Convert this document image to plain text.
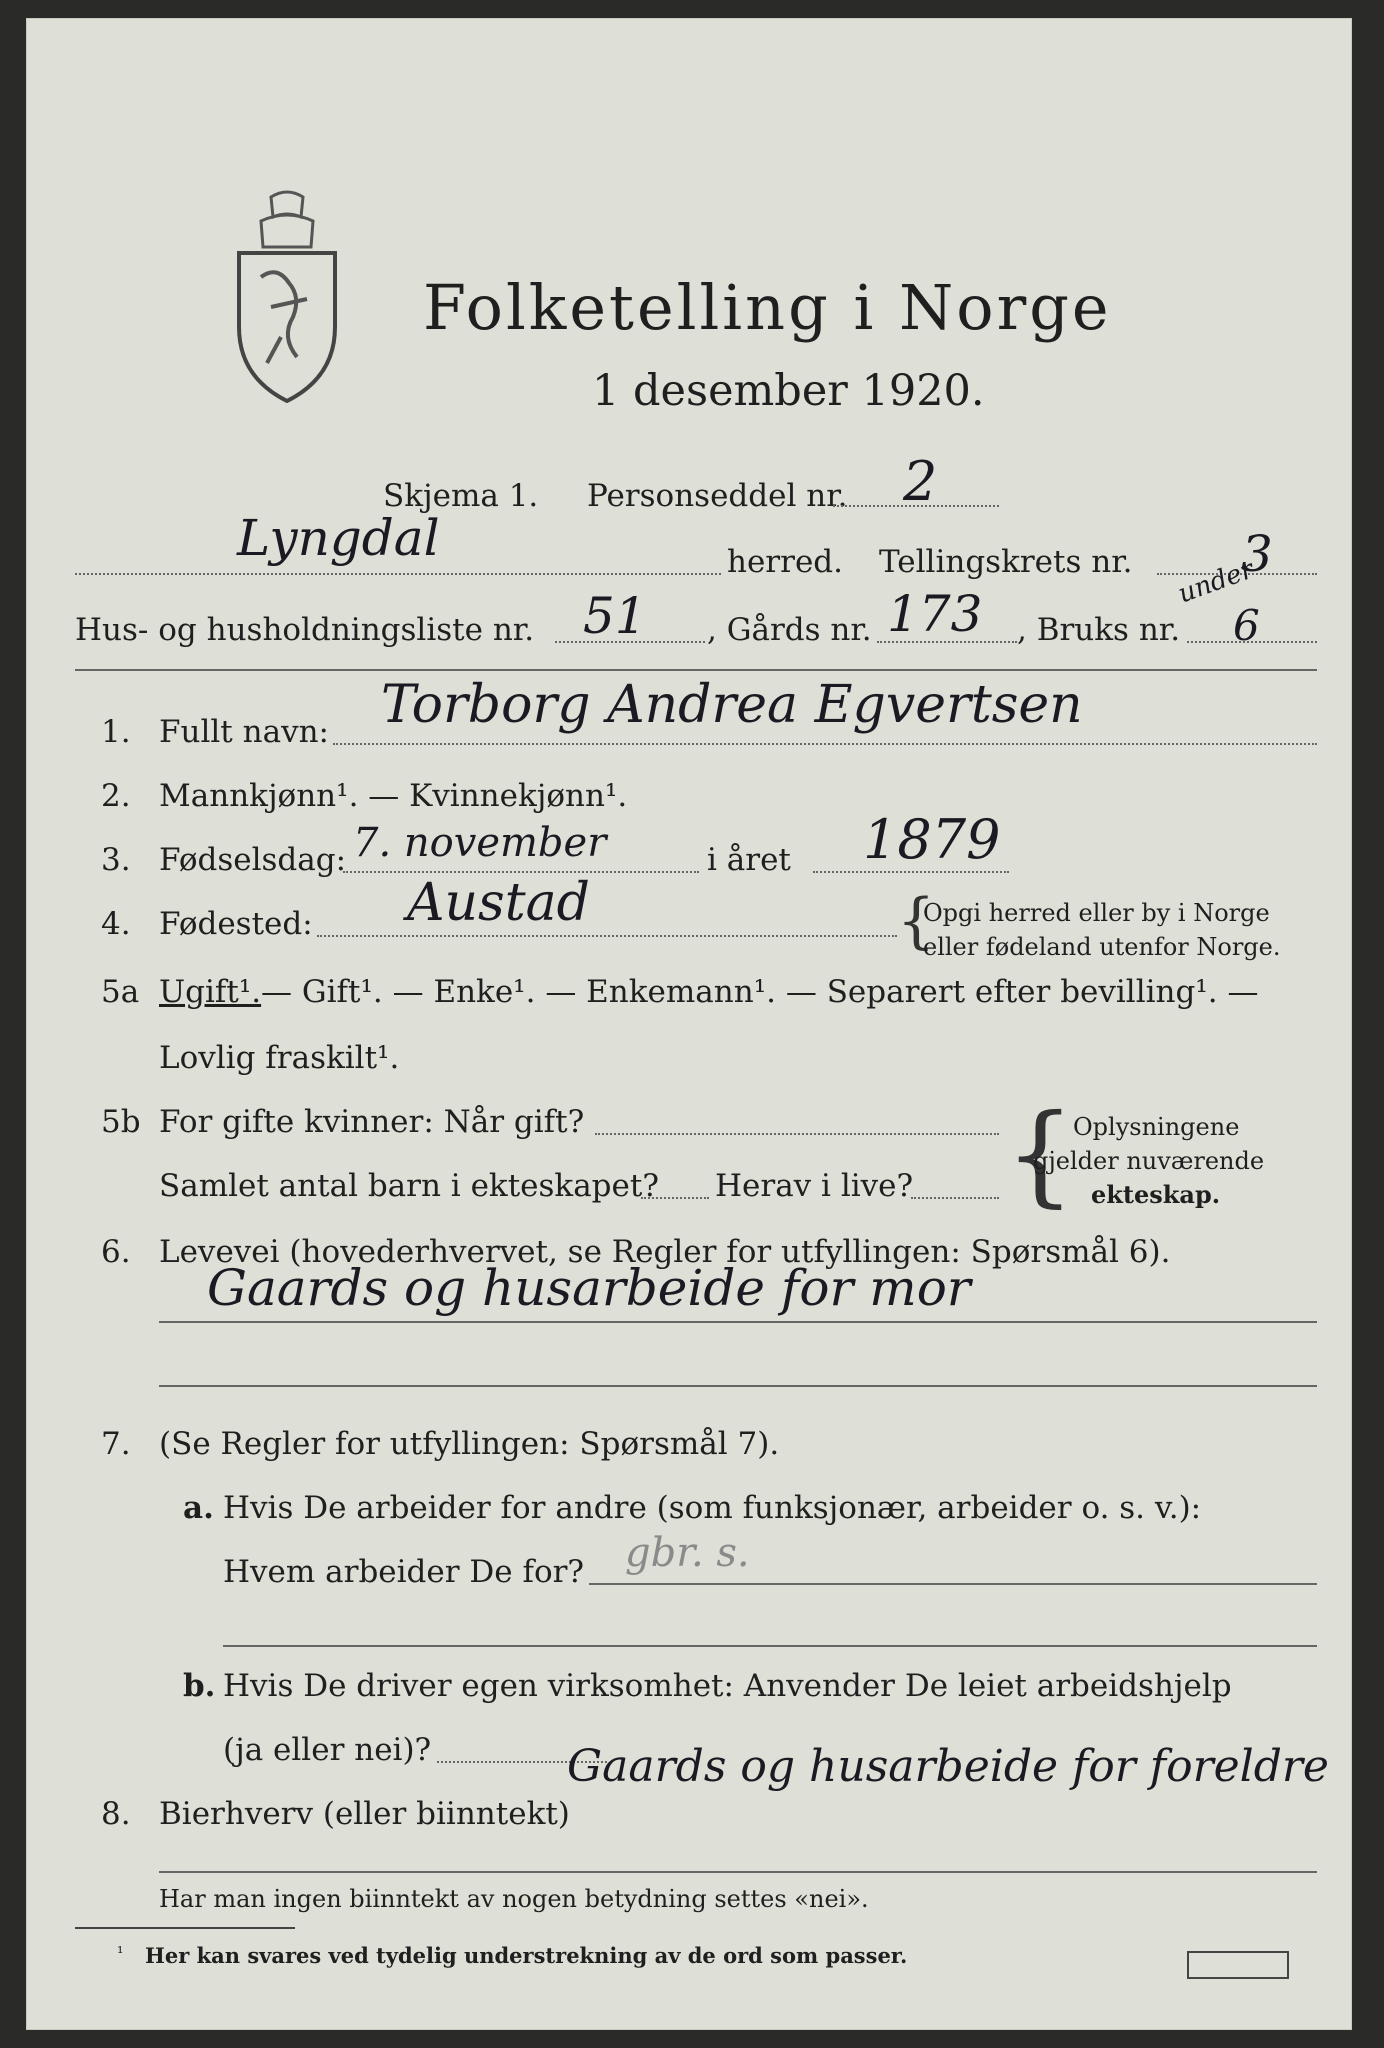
Folketelling i Norge
1 desember 1920.
Skjema 1. Personseddel nr. 2
Lyngdal	herred. Tellingskrets nr. 3
under
Hus- og husholdningsliste nr. 51 , Gårds nr. 173 , Bruks nr. 6
1. Fullt navn: Torborg Andrea Egvertsen
2. Mannkjønn¹. — Kvinnekjønn¹.
3. Fødselsdag: 7. november	i året 1879
4. Fødested: Austad	{
Opgi herred eller by i Norge
eller fødeland utenfor Norge.
5a Ugift¹. — Gift¹. — Enke¹. — Enkemann¹. — Separert efter bevilling¹. —
Lovlig fraskilt¹.
5b For gifte kvinner: Når gift?
Samlet antal barn i ekteskapet? Herav i live? {
Oplysningene
gjelder nuværende
ekteskap.
6. Levevei (hovederhvervet, se Regler for utfyllingen: Spørsmål 6).
Gaards og husarbeide for mor
7. (Se Regler for utfyllingen: Spørsmål 7).
a. Hvis De arbeider for andre (som funksjonær, arbeider o. s. v.):
Hvem arbeider De for? gbr. s.
b. Hvis De driver egen virksomhet: Anvender De leiet arbeidshjelp
(ja eller nei)?
8. Bierhverv (eller biinntekt)
Gaards og husarbeide for foreldre
Har man ingen biinntekt av nogen betydning settes «nei».
¹ Her kan svares ved tydelig understrekning av de ord som passer.
